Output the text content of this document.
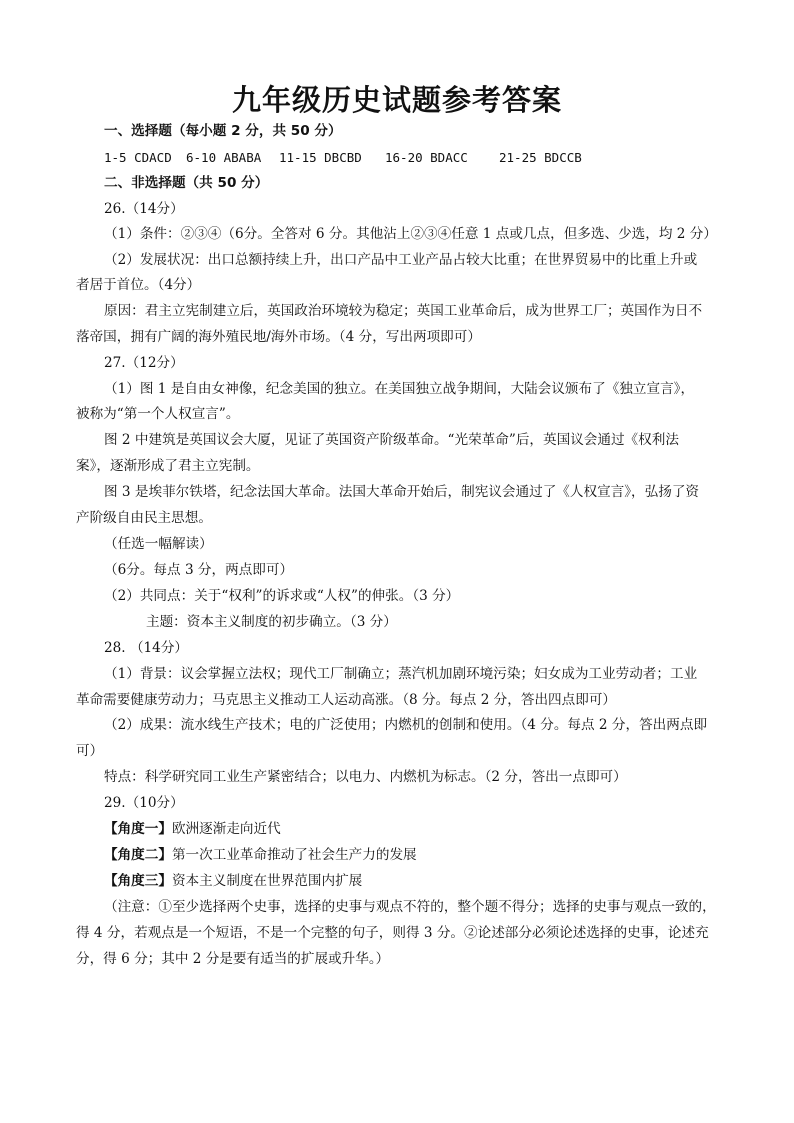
九年级历史试题参考答案
一、选择题（每小题 2 分，共 50 分）
1-5 CDACD 6-10 ABABA 11-15 DBCBD 16-20 BDACC 21-25 BDCCB
二、非选择题（共 50 分）
26.（14分）
（1）条件：②③④（6分。全答对 6 分。其他沾上②③④任意 1 点或几点，但多选、少选，均 2 分）
（2）发展状况：出口总额持续上升，出口产品中工业产品占较大比重；在世界贸易中的比重上升或
者居于首位。（4分）
原因：君主立宪制建立后，英国政治环境较为稳定；英国工业革命后，成为世界工厂；英国作为日不
落帝国，拥有广阔的海外殖民地/海外市场。（4 分，写出两项即可）
27.（12分）
（1）图 1 是自由女神像，纪念美国的独立。在美国独立战争期间，大陆会议颁布了《独立宣言》，
被称为“第一个人权宣言”。
图 2 中建筑是英国议会大厦，见证了英国资产阶级革命。“光荣革命”后，英国议会通过《权利法
案》，逐渐形成了君主立宪制。
图 3 是埃菲尔铁塔，纪念法国大革命。法国大革命开始后，制宪议会通过了《人权宣言》，弘扬了资
产阶级自由民主思想。
（任选一幅解读）
（6分。每点 3 分，两点即可）
（2）共同点：关于“权利”的诉求或“人权”的伸张。（3 分）
主题：资本主义制度的初步确立。（3 分）
28. （14分）
（1）背景：议会掌握立法权；现代工厂制确立；蒸汽机加剧环境污染；妇女成为工业劳动者；工业
革命需要健康劳动力；马克思主义推动工人运动高涨。（8 分。每点 2 分，答出四点即可）
（2）成果：流水线生产技术；电的广泛使用；内燃机的创制和使用。（4 分。每点 2 分，答出两点即
可）
特点：科学研究同工业生产紧密结合；以电力、内燃机为标志。（2 分，答出一点即可）
29.（10分）
【角度一】欧洲逐渐走向近代
【角度二】第一次工业革命推动了社会生产力的发展
【角度三】资本主义制度在世界范围内扩展
（注意：①至少选择两个史事，选择的史事与观点不符的，整个题不得分；选择的史事与观点一致的，
得 4 分，若观点是一个短语，不是一个完整的句子，则得 3 分。②论述部分必须论述选择的史事，论述充
分，得 6 分；其中 2 分是要有适当的扩展或升华。）
